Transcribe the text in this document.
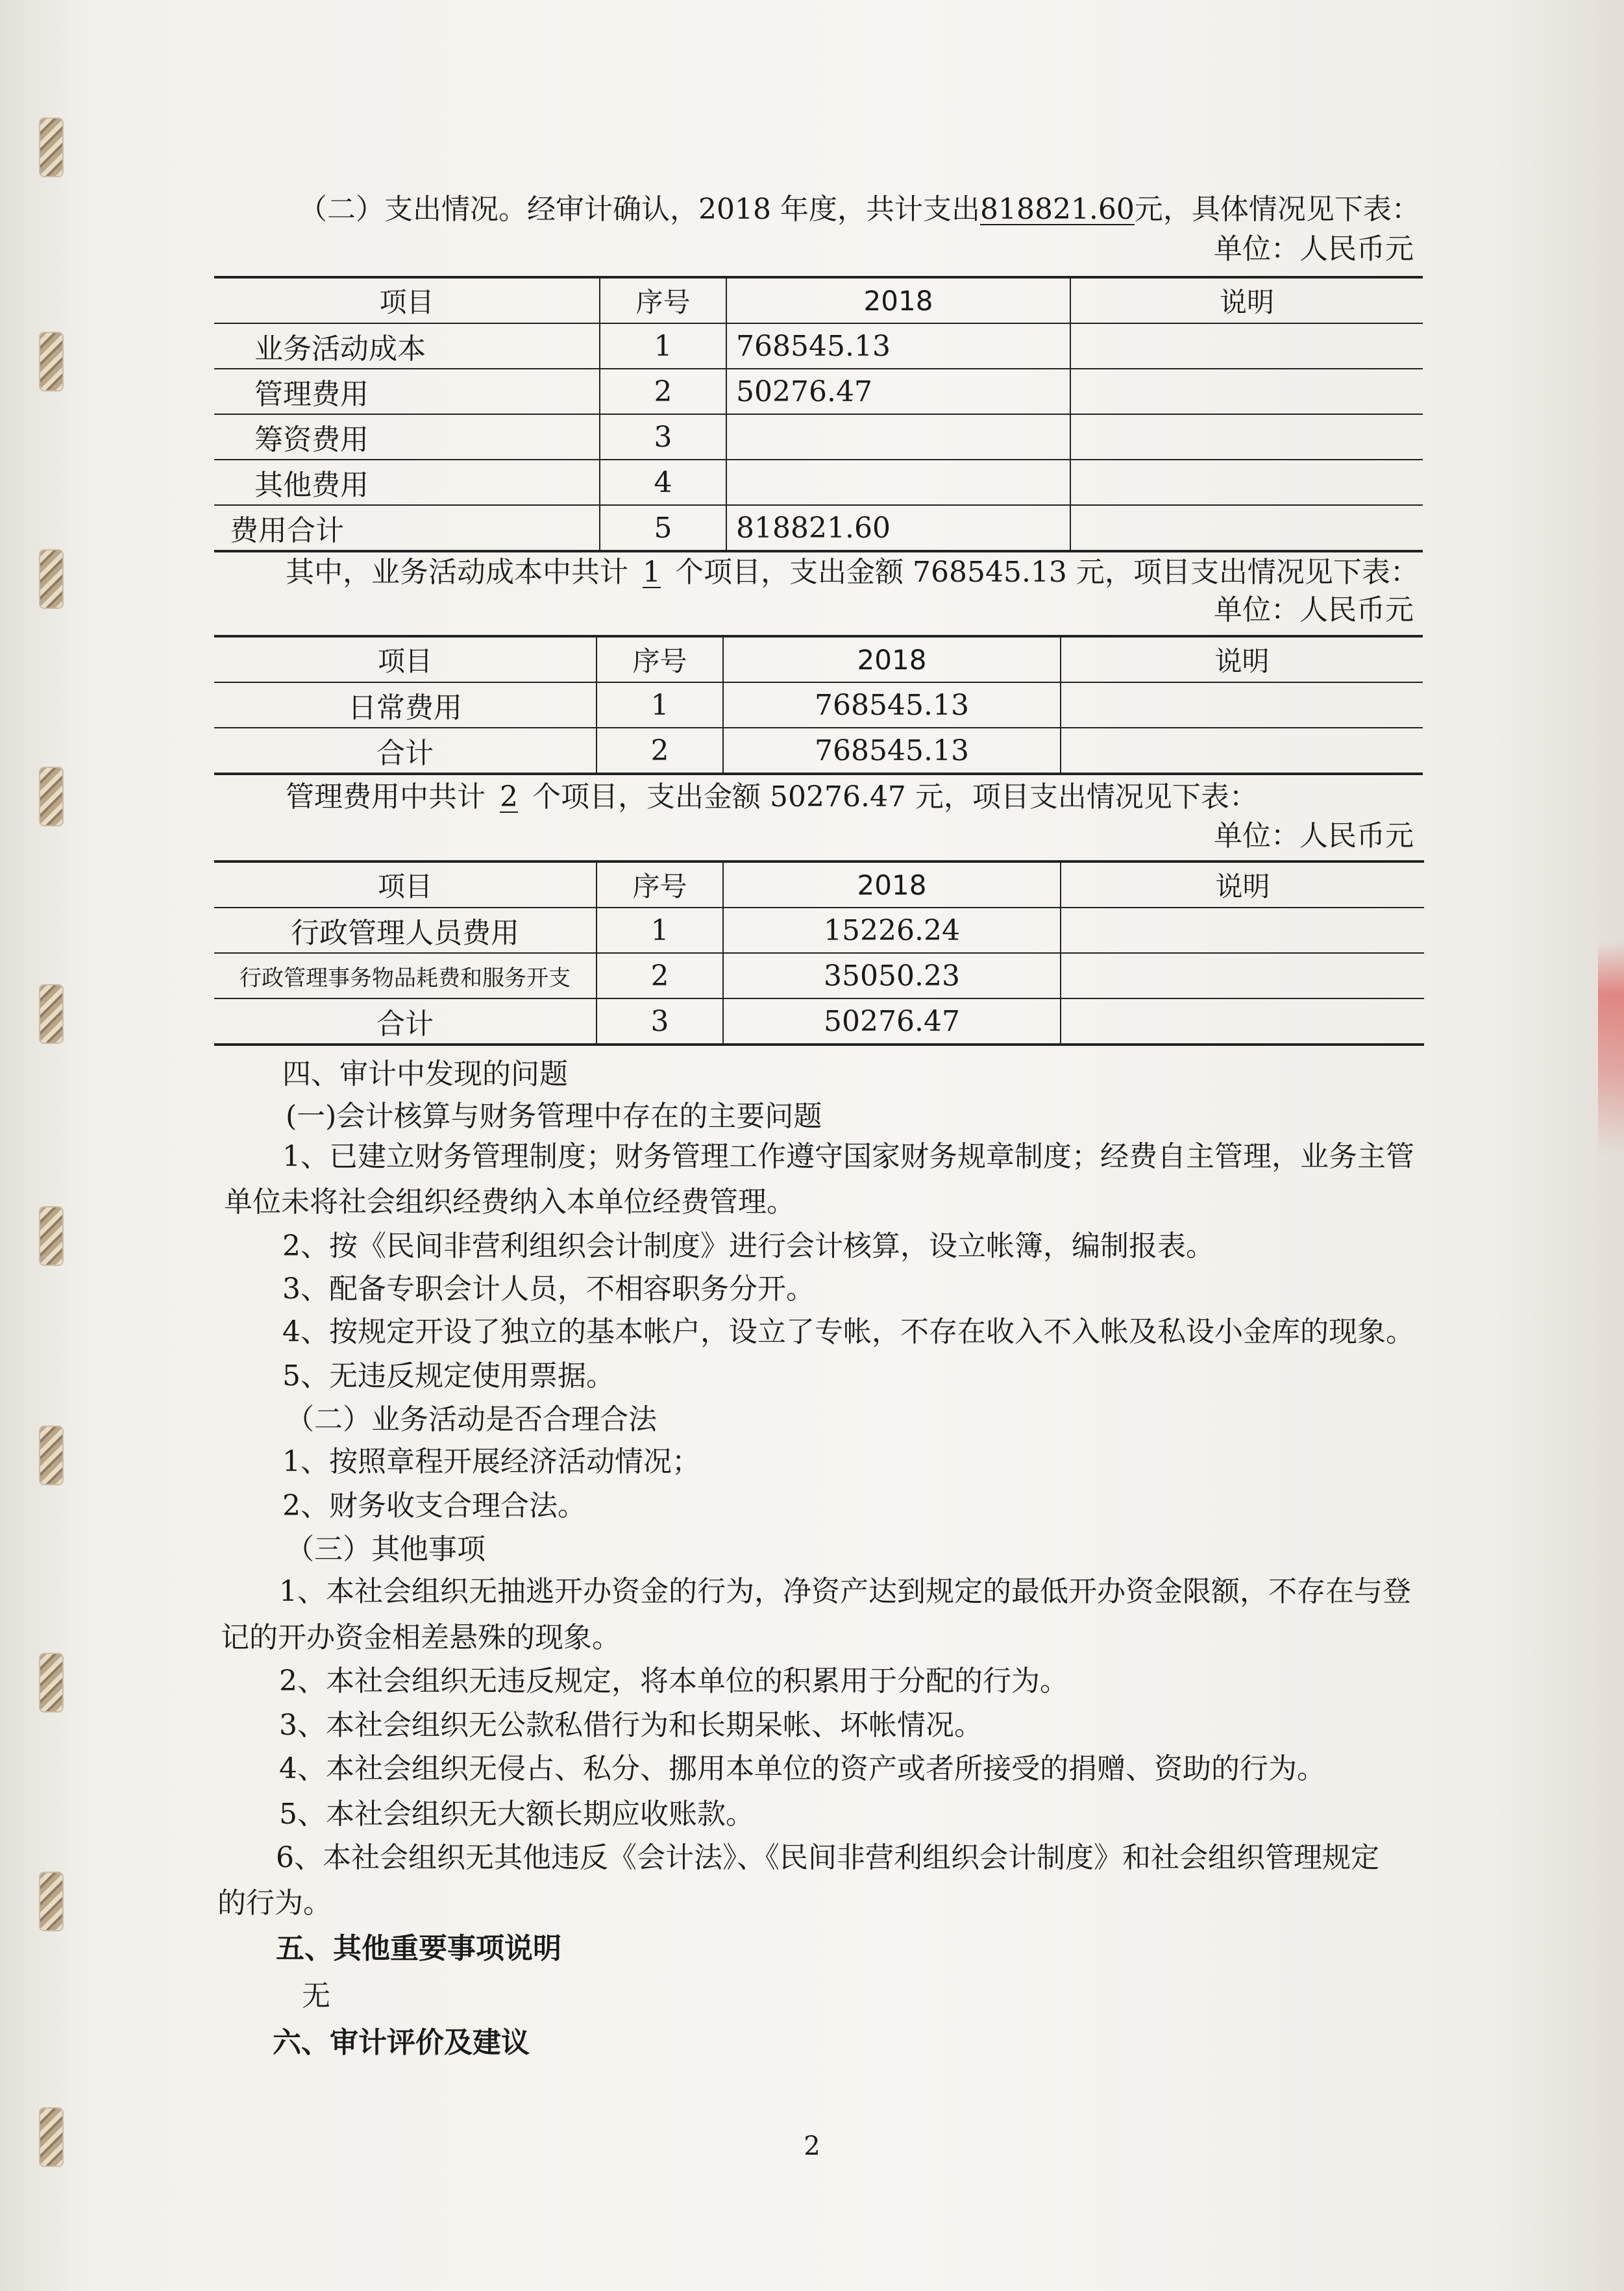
（二）支出情况。经审计确认，2018 年度，共计支出818821.60元，具体情况见下表：
单位：人民币元
项目	序号	2018	说明
业务活动成本	1	768545.13	
管理费用	2	50276.47	
筹资费用	3		
其他费用	4		
费用合计	5	818821.60	
其中，业务活动成本中共计 1 个项目，支出金额 768545.13 元，项目支出情况见下表：
单位：人民币元
项目	序号	2018	说明
日常费用	1	768545.13	
合计	2	768545.13	
管理费用中共计 2 个项目，支出金额 50276.47 元，项目支出情况见下表：
单位：人民币元
项目	序号	2018	说明
行政管理人员费用	1	15226.24	
行政管理事务物品耗费和服务开支	2	35050.23	
合计	3	50276.47	
四、审计中发现的问题
(一)会计核算与财务管理中存在的主要问题
1、已建立财务管理制度；财务管理工作遵守国家财务规章制度；经费自主管理，业务主管
单位未将社会组织经费纳入本单位经费管理。
2、按《民间非营利组织会计制度》进行会计核算，设立帐簿，编制报表。
3、配备专职会计人员，不相容职务分开。
4、按规定开设了独立的基本帐户，设立了专帐，不存在收入不入帐及私设小金库的现象。
5、无违反规定使用票据。
（二）业务活动是否合理合法
1、按照章程开展经济活动情况；
2、财务收支合理合法。
（三）其他事项
1、本社会组织无抽逃开办资金的行为，净资产达到规定的最低开办资金限额，不存在与登
记的开办资金相差悬殊的现象。
2、本社会组织无违反规定，将本单位的积累用于分配的行为。
3、本社会组织无公款私借行为和长期呆帐、坏帐情况。
4、本社会组织无侵占、私分、挪用本单位的资产或者所接受的捐赠、资助的行为。
5、本社会组织无大额长期应收账款。
6、本社会组织无其他违反《会计法》、《民间非营利组织会计制度》和社会组织管理规定
的行为。
五、其他重要事项说明
无
六、审计评价及建议
2
